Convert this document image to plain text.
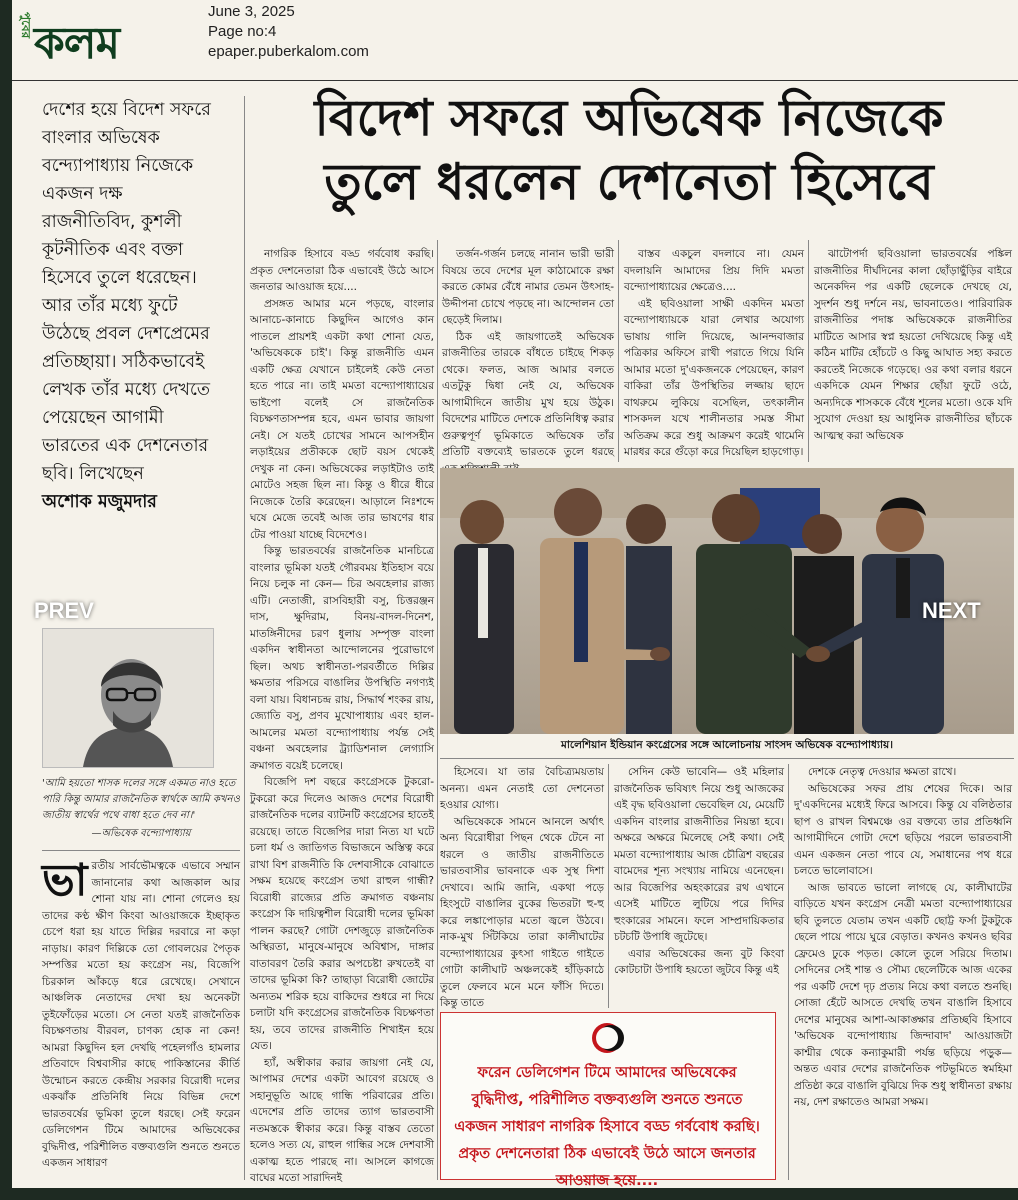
পুবের কলম
June 3, 2025
Page no:4
epaper.puberkalom.com
বিদেশ সফরে অভিষেক নিজেকে
তুলে ধরলেন দেশনেতা হিসেবে
দেশের হয়ে বিদেশ সফরে বাংলার অভিষেক বন্দ্যোপাধ্যায় নিজেকে একজন দক্ষ রাজনীতিবিদ, কুশলী কূটনীতিক এবং বক্তা হিসেবে তুলে ধরেছেন। আর তাঁর মধ্যে ফুটে উঠেছে প্রবল দেশপ্রেমের প্রতিচ্ছায়া। সঠিকভাবেই লেখক তাঁর মধ্যে দেখতে পেয়েছেন আগামী ভারতের এক দেশনেতার ছবি। লিখেছেন
অশোক মজুমদার
'আমি হয়তো শাসক দলের সঙ্গে একমত নাও হতে পারি কিন্তু আমার রাজনৈতিক স্বার্থকে আমি কখনও জাতীয় স্বার্থের পথে বাধা হতে দেব না।'
—অভিষেক বন্দ্যোপাধ্যায়
ভা রতীয় সার্বভৌমত্বকে এভাবে সম্মান জানানোর কথা আজকাল আর শোনা যায় না। শোনা গেলেও হয় তাদের কণ্ঠ ক্ষীণ কিংবা আওয়াজকে ইচ্ছাকৃত চেপে ধরা হয় যাতে দিল্লির দরবারে না কড়া নাড়ায়। কারণ দিল্লিকে তো গোবলয়ের পৈতৃক সম্পত্তির মতো হয় কংগ্রেস নয়, বিজেপি চিরকাল আঁকড়ে ধরে রেখেছে। সেখানে আঞ্চলিক নেতাদের দেখা হয় অনেকটা তুইফোঁড়ের মতো। সে নেতা যতই রাজনৈতিক বিচক্ষণতায় বীরবল, চাণক্য হোক না কেন! আমরা কিছুদিন হল দেখছি পহেলগাঁও হামলার প্রতিবাদে বিশ্ববাসীর কাছে পাকিস্তানের কীর্তি উন্মোচন করতে কেন্দ্রীয় সরকার বিরোধী দলের একঝাঁক প্রতিনিধি নিয়ে বিভিন্ন দেশে ভারতবর্ষের ভূমিকা তুলে ধরছে। সেই ফরেন ডেলিগেশন টিমে আমাদের অভিষেকের বুদ্ধিদীপ্ত, পরিশীলিত বক্তব্যগুলি শুনতে শুনতে একজন সাধারণ

নাগরিক হিসাবে বড্ড গর্ববোধ করছি। প্রকৃত দেশনেতারা ঠিক এভাবেই উঠে আসে জনতার আওয়াজ হয়ে....

প্রসঙ্গত আমার মনে পড়ছে, বাংলার আনাচে-কানাচে কিছুদিন আগেও কান পাতলে প্রায়শই একটা কথা শোনা যেত, 'অভিষেককে চাই'। কিন্তু রাজনীতি এমন একটি ক্ষেত্র যেখানে চাইলেই কেউ নেতা হতে পারে না। তাই মমতা বন্দ্যোপাধ্যায়ের ভাইপো বলেই সে রাজনৈতিক বিচক্ষণতাসম্পন্ন হবে, এমন ভাবার জায়গা নেই। সে যতই চোখের সামনে আপসহীন লড়াইয়ের প্রতীককে ছোট বয়স থেকেই দেখুক না কেন। অভিষেকের লড়াইটাও তাই মোটেও সহজ ছিল না। কিন্তু ও ধীরে ধীরে নিজেকে তৈরি করেছেন। আড়ালে নিঃশব্দে ঘষে মেজে তবেই আজ তার ভাষণের ধার টের পাওয়া যাচ্ছে বিদেশেও।

কিন্তু ভারতবর্ষের রাজনৈতিক মানচিত্রে বাংলার ভূমিকা যতই গৌরবময় ইতিহাস বয়ে নিয়ে চলুক না কেন— চির অবহেলার রাজ্য এটি। নেতাজী, রাসবিহারী বসু, চিত্তরঞ্জন দাস, ক্ষুদিরাম, বিনয়-বাদল-দিনেশ, মাতঙ্গিনীদের চরণ ধুলায় সম্পৃক্ত বাংলা একদিন স্বাধীনতা আন্দোলনের পুরোভাগে ছিল। অথচ স্বাধীনতা-পরবর্তীতে দিল্লির ক্ষমতার পরিসরে বাঙালির উপস্থিতি নগণ্যই বলা যায়। বিধানচন্দ্র রায়, সিদ্ধার্থ শংকর রায়, জ্যোতি বসু, প্রণব মুখোপাধ্যায় এবং হাল-আমলের মমতা বন্দ্যোপাধ্যায় পর্যন্ত সেই বঞ্চনা অবহেলার ট্র্যাডিশনাল লেগ্যাসি ক্রমাগত বয়েই চলেছে।

বিজেপি দশ বছরে কংগ্রেসকে টুকরো-টুকরো করে দিলেও আজও দেশের বিরোধী রাজনৈতিক দলের ব্যাটনটি কংগ্রেসের হাতেই রয়েছে। তাতে বিজেপির দারা নিত্য যা ঘটে চলা ধর্ম ও জাতিগত বিভাজনে অস্তিত্ব করে রাখা বিশ রাজনীতি কি দেশবাসীকে বোঝাতে সক্ষম হয়েছে কংগ্রেস তথা রাহুল গান্ধী? বিরোধী রাজ্যের প্রতি ক্রমাগত বঞ্চনায় কংগ্রেস কি দায়িত্বশীল বিরোধী দলের ভূমিকা পালন করছে? গোটা দেশজুড়ে রাজনৈতিক অস্থিরতা, মানুষে-মানুষে অবিশ্বাস, দাঙ্গার বাতাবরণ তৈরি করার অপচেষ্টা রুখতেই বা তাদের ভূমিকা কি? তাছাড়া বিরোধী জোটের অন্যতম শরিক হয়ে বাকিদের শুধরে না দিয়ে চলাটা যদি কংগ্রেসের রাজনৈতিক বিচক্ষণতা হয়, তবে তাদের রাজনীতি শিখাইন হয়ে যেত।

হ্যাঁ, অস্বীকার করার জায়গা নেই যে, আপামর দেশের একটা আবেগ রয়েছে ও সহানুভূতি আছে গান্ধি পরিবারের প্রতি। এদেশের প্রতি তাদের ত্যাগ ভারতবাসী নতমস্তকে স্বীকার করে। কিন্তু বাস্তব তেতো হলেও সত্য যে, রাহুল গান্ধির সঙ্গে দেশবাসী একাত্ম হতে পারছে না। আসলে কাগজে বাঘের মতো সারাদিনই

তর্জন-গর্জন চলছে নানান ভারী ভারী বিষয়ে তবে দেশের মূল কাঠামোকে রক্ষা করতে কোমর বেঁধে নামার তেমন উৎসাহ-উদ্দীপনা চোখে পড়ছে না। আন্দোলন তো ছেড়েই দিলাম।

ঠিক এই জায়গাতেই অভিষেক রাজনীতির তারকে বাঁধতে চাইছে শিকড় থেকে। ফলত, আজ আমার বলতে এতটুকু দ্বিধা নেই যে, অভিষেক আগামীদিনে জাতীয় মুখ হয়ে উঠুক। বিদেশের মাটিতে দেশকে প্রতিনিধিত্ব করার গুরুত্বপূর্ণ ভূমিকাতে অভিষেক তাঁর প্রতিটি বক্তব্যেই ভারতকে তুলে ধরছে

বাস্তব একচুল বদলাবে না। যেমন বদলায়নি আমাদের প্রিয় দিদি মমতা বন্দ্যোপাধ্যায়ের ক্ষেত্রেও....

এই ছবিওয়ালা সাক্ষী একদিন মমতা বন্দ্যোপাধ্যায়কে যারা লেখার অযোগ্য ভাষায় গালি দিয়েছে, আনন্দবাজার পত্রিকার অফিসে রাখী পরাতে গিয়ে যিনি আমার মতো দু'একজনকে পেয়েছেন, কারণ বাকিরা তাঁর উপস্থিতির লজ্জায় ছাদে বাথরুমে লুকিয়ে বসেছিল, তৎকালীন শাসকদল যখে শালীনতার সমস্ত সীমা অতিক্রম করে শুধু আক্রমণ করেই থামেনি মারধর করে গুঁড়ো করে দিয়েছিল হাড়গোড়।

ঝাটোপর্দা ছবিওয়ালা ভারতবর্ষের পঙ্কিল রাজনীতির দীর্ঘদিনের কালা ছোঁড়াছুঁড়ির বাইরে অনেকদিন পর একটি ছেলেকে দেখছে যে, সুদর্শন শুধু দর্শনে নয়, ভাবনাতেও। পারিবারিক রাজনীতির পদাঙ্ক অভিষেককে রাজনীতির মাটিতে আসার স্বপ্ন হয়তো দেখিয়েছে কিন্তু এই কঠিন মাটির হোঁচটে ও কিছু আঘাত সহ্য করতে করতেই নিজেকে গড়েছে। ওর কথা বলার ধরনে একদিকে যেমন শিক্ষার ছোঁয়া ফুটে ওঠে, অন্যদিকে শাসককে বেঁধে শূলের মতো। ওকে যদি সুযোগ দেওয়া হয় আধুনিক রাজনীতির ছাঁচকে আত্মস্থ করা অভিষেক

মালেশিয়ান ইন্ডিয়ান কংগ্রেসের সঙ্গে আলোচনায় সাংসদ অভিষেক বন্দ্যোপাধ্যায়।

হিসেবে। যা তার বৈচিত্র্যময়তায় অনন্য। এমন নেতাই তো দেশনেতা হওয়ার যোগ্য।

অভিষেককে সামনে আনলে অর্থাৎ অন্য বিরোধীরা পিছন থেকে টেনে না ধরলে ও জাতীয় রাজনীতিতে ভারতবাসীর ভাবনাকে এক সুস্থ দিশা দেখাবে। আমি জানি, একথা পড়ে হিংসুটে বাঙালির বুকের ভিতরটা হু-হু করে লঙ্কাপোড়ার মতো জ্বলে উঠবে। নাক-মুখ সিঁটকিয়ে তারা কালীঘাটের বন্দ্যোপাধ্যায়ের কুৎসা গাইতে গাইতে গোটা কালীঘাট অঞ্চলকেই হাঁড়িকাঠে তুলে ফেলবে মনে মনে ফাঁসি দিতে। কিন্তু তাতে

সেদিন কেউ ভাবেনি— ওই মহিলার রাজনৈতিক ভবিষ্যৎ নিয়ে শুধু আজকের এই বৃদ্ধ ছবিওয়ালা ভেবেছিল যে, মেয়েটি একদিন বাংলার রাজনীতির নিয়ন্তা হবে। অক্ষরে অক্ষরে মিলেছে সেই কথা। সেই মমতা বন্দ্যোপাধ্যায় আজ চৌত্রিশ বছরের বামেদের শূন্য সংখ্যায় নামিয়ে এনেছেন। আর বিজেপির অহংকারের রথ এখানে এসেই মাটিতে লুটিয়ে পরে দিদির হুংকারের সামনে। ফলে সাম্প্রদায়িকতার চটচটি উপাধি জুটেছে।

এবার অভিষেকের জন্য বুট কিংবা কোটচাটা উপাধি হয়তো জুটবে কিন্তু এই

দেশকে নেতৃত্ব দেওয়ার ক্ষমতা রাখে।

অভিষেকের সফর প্রায় শেষের দিকে। আর দু'একদিনের মধ্যেই ফিরে আসবে। কিন্তু যে বলিষ্ঠতার ছাপ ও রাখল বিশ্বমঞ্চে ওর বক্তব্যে তার প্রতিধ্বনি আগামীদিনে গোটা দেশে ছড়িয়ে পরলে ভারতবাসী এমন একজন নেতা পাবে যে, সমাধানের পথ ধরে চলতে ভালোবাসে।

আজ ভাবতে ভালো লাগছে যে, কালীঘাটের বাড়িতে যখন কংগ্রেস নেত্রী মমতা বন্দ্যোপাধ্যায়ের ছবি তুলতে যেতাম তখন একটি ছোট্ট ফর্সা টুকটুকে ছেলে পায়ে পায়ে ঘুরে বেড়াত। কখনও কখনও ছবির ফ্রেমেও ঢুকে পড়ত। কোলে তুলে সরিয়ে দিতাম। সেদিনের সেই শান্ত ও সৌম্য ছেলেটিকে আজ একের পর একটি দেশে দৃঢ় প্রত্যয় নিয়ে কথা বলতে শুনছি। সোজা হেঁটে আসতে দেখছি তখন বাঙালি হিসাবে দেশের মানুষের আশা-আকাঙ্ক্ষার প্রতিচ্ছবি হিসাবে 'অভিষেক বন্দোপাধ্যায় জিন্দাবাদ' আওয়াজটা কাশ্মীর থেকে কন্যাকুমারী পর্যন্ত ছড়িয়ে পড়ুক— অন্তত এবার দেশের রাজনৈতিক পটভূমিতে স্বমহিমা প্রতিষ্ঠা করে বাঙালি বুঝিয়ে দিক শুধু স্বাধীনতা রক্ষায় নয়, দেশ রক্ষাতেও আমরা সক্ষম।

ফরেন ডেলিগেশন টিমে আমাদের অভিষেকের বুদ্ধিদীপ্ত, পরিশীলিত বক্তব্যগুলি শুনতে শুনতে একজন সাধারণ নাগরিক হিসাবে বড্ড গর্ববোধ করছি। প্রকৃত দেশনেতারা ঠিক এভাবেই উঠে আসে জনতার আওয়াজ হয়ে....
PREV	NEXT
